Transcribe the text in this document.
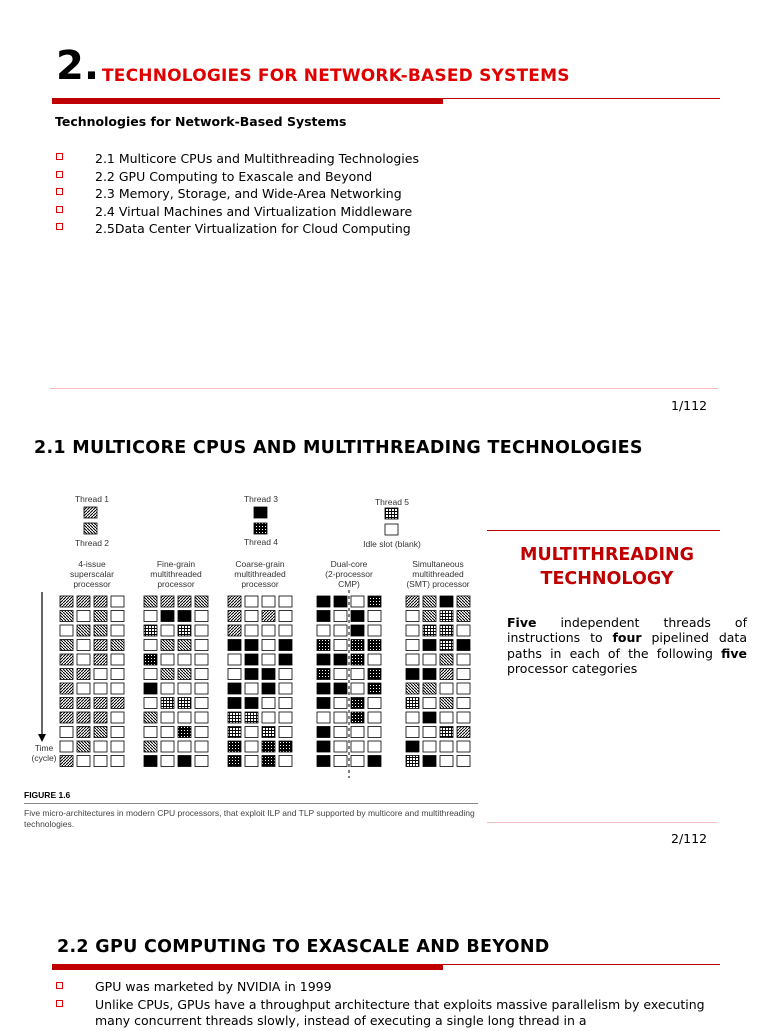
2. TECHNOLOGIES FOR NETWORK-BASED SYSTEMS
Technologies for Network-Based Systems
2.1 Multicore CPUs and Multithreading Technologies
2.2 GPU Computing to Exascale and Beyond
2.3 Memory, Storage, and Wide-Area Networking
2.4 Virtual Machines and Virtualization Middleware
2.5Data Center Virtualization for Cloud Computing
1/112
2.1 MULTICORE CPUS AND MULTITHREADING TECHNOLOGIES
Thread 1
Thread 2
Thread 3
Thread 4
Thread 5
Idle slot (blank)
4-issue
superscalar
processor
Fine-grain
multithreaded
processor
Coarse-grain
multithreaded
processor
Dual-core
(2-processor
CMP)
Simultaneous
multithreaded
(SMT) processor
Time
(cycle)
FIGURE 1.6
Five micro-architectures in modern CPU processors, that exploit ILP and TLP supported by multicore and multithreading technologies.
MULTITHREADING TECHNOLOGY
Five independent threads of instructions to four pipelined data paths in each of the following five processor categories
2/112
2.2 GPU COMPUTING TO EXASCALE AND BEYOND
GPU was marketed by NVIDIA in 1999
Unlike CPUs, GPUs have a throughput architecture that exploits massive parallelism by executing many concurrent threads slowly, instead of executing a single long thread in a
